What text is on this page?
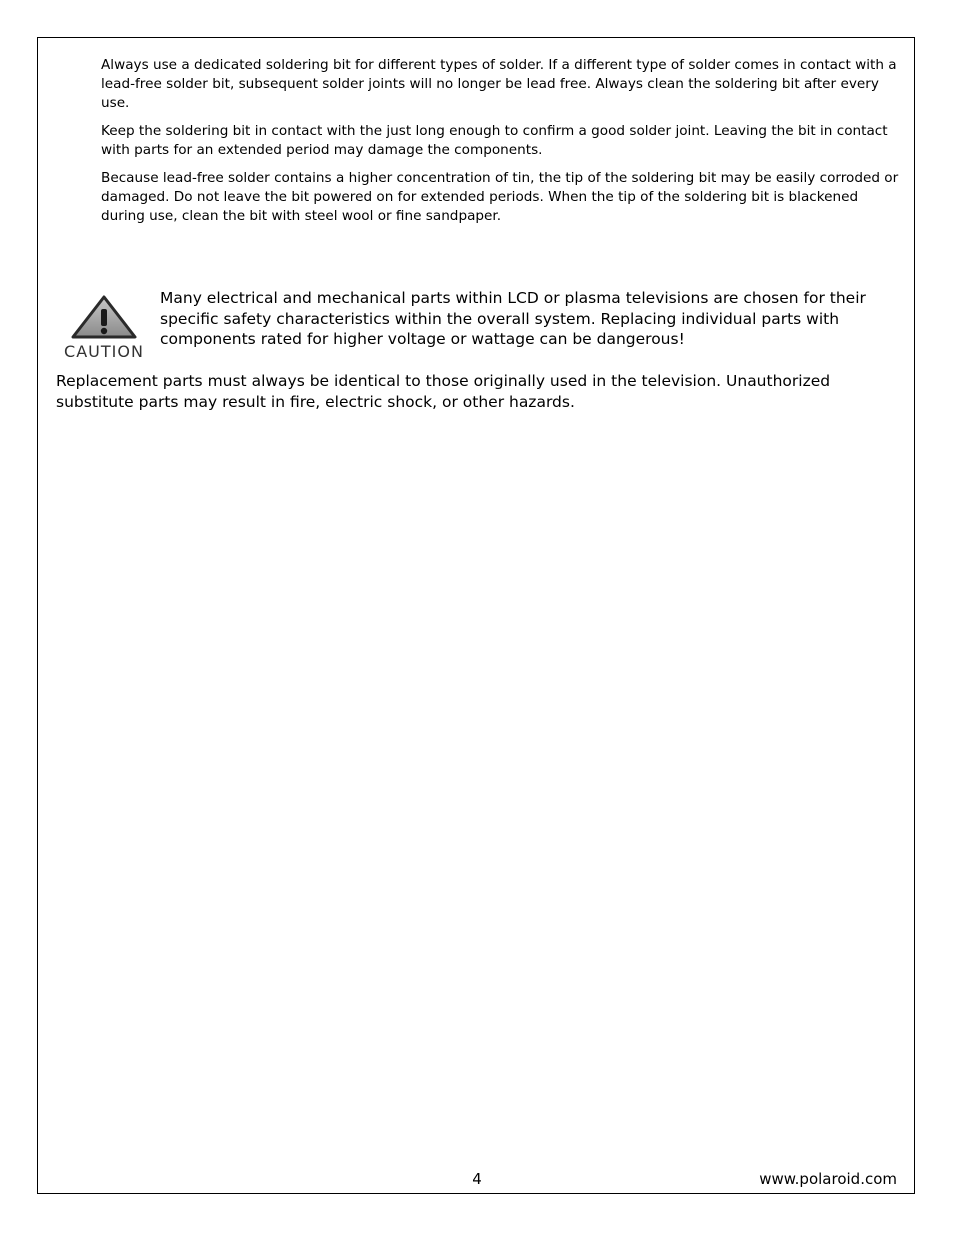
Always use a dedicated soldering bit for different types of solder. If a different type of solder comes in contact with a lead-free solder bit, subsequent solder joints will no longer be lead free. Always clean the soldering bit after every use.

Keep the soldering bit in contact with the just long enough to confirm a good solder joint. Leaving the bit in contact with parts for an extended period may damage the components.

Because lead-free solder contains a higher concentration of tin, the tip of the soldering bit may be easily corroded or damaged. Do not leave the bit powered on for extended periods. When the tip of the soldering bit is blackened during use, clean the bit with steel wool or fine sandpaper.

CAUTION

Many electrical and mechanical parts within LCD or plasma televisions are chosen for their specific safety characteristics within the overall system. Replacing individual parts with components rated for higher voltage or wattage can be dangerous!

Replacement parts must always be identical to those originally used in the television. Unauthorized substitute parts may result in fire, electric shock, or other hazards.

4	www.polaroid.com
